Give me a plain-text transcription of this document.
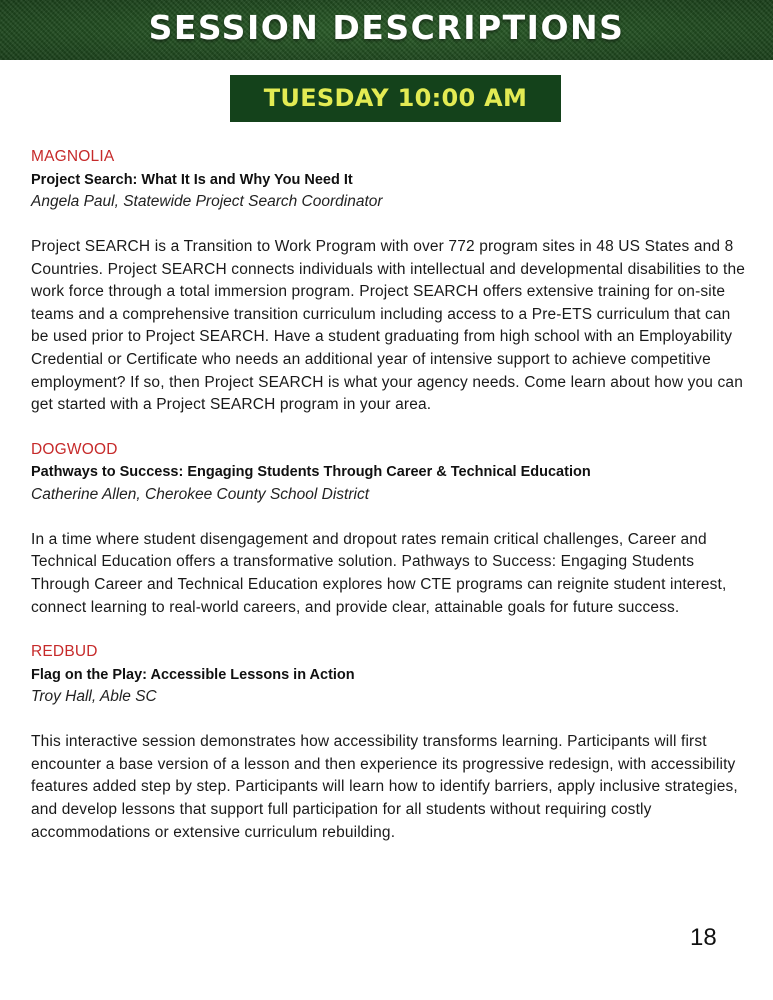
SESSION DESCRIPTIONS
TUESDAY 10:00 AM
MAGNOLIA
Project Search: What It Is and Why You Need It
Angela Paul, Statewide Project Search Coordinator
Project SEARCH is a Transition to Work Program with over 772 program sites in 48 US States and 8 Countries. Project SEARCH connects individuals with intellectual and developmental disabilities to the work force through a total immersion program. Project SEARCH offers extensive training for on-site teams and a comprehensive transition curriculum including access to a Pre-ETS curriculum that can be used prior to Project SEARCH. Have a student graduating from high school with an Employability Credential or Certificate who needs an additional year of intensive support to achieve competitive employment? If so, then Project SEARCH is what your agency needs. Come learn about how you can get started with a Project SEARCH program in your area.
DOGWOOD
Pathways to Success: Engaging Students Through Career & Technical Education
Catherine Allen, Cherokee County School District
In a time where student disengagement and dropout rates remain critical challenges, Career and Technical Education offers a transformative solution. Pathways to Success: Engaging Students Through Career and Technical Education explores how CTE programs can reignite student interest, connect learning to real-world careers, and provide clear, attainable goals for future success.
REDBUD
Flag on the Play: Accessible Lessons in Action
Troy Hall, Able SC
This interactive session demonstrates how accessibility transforms learning. Participants will first encounter a base version of a lesson and then experience its progressive redesign, with accessibility features added step by step. Participants will learn how to identify barriers, apply inclusive strategies, and develop lessons that support full participation for all students without requiring costly accommodations or extensive curriculum rebuilding.
18
